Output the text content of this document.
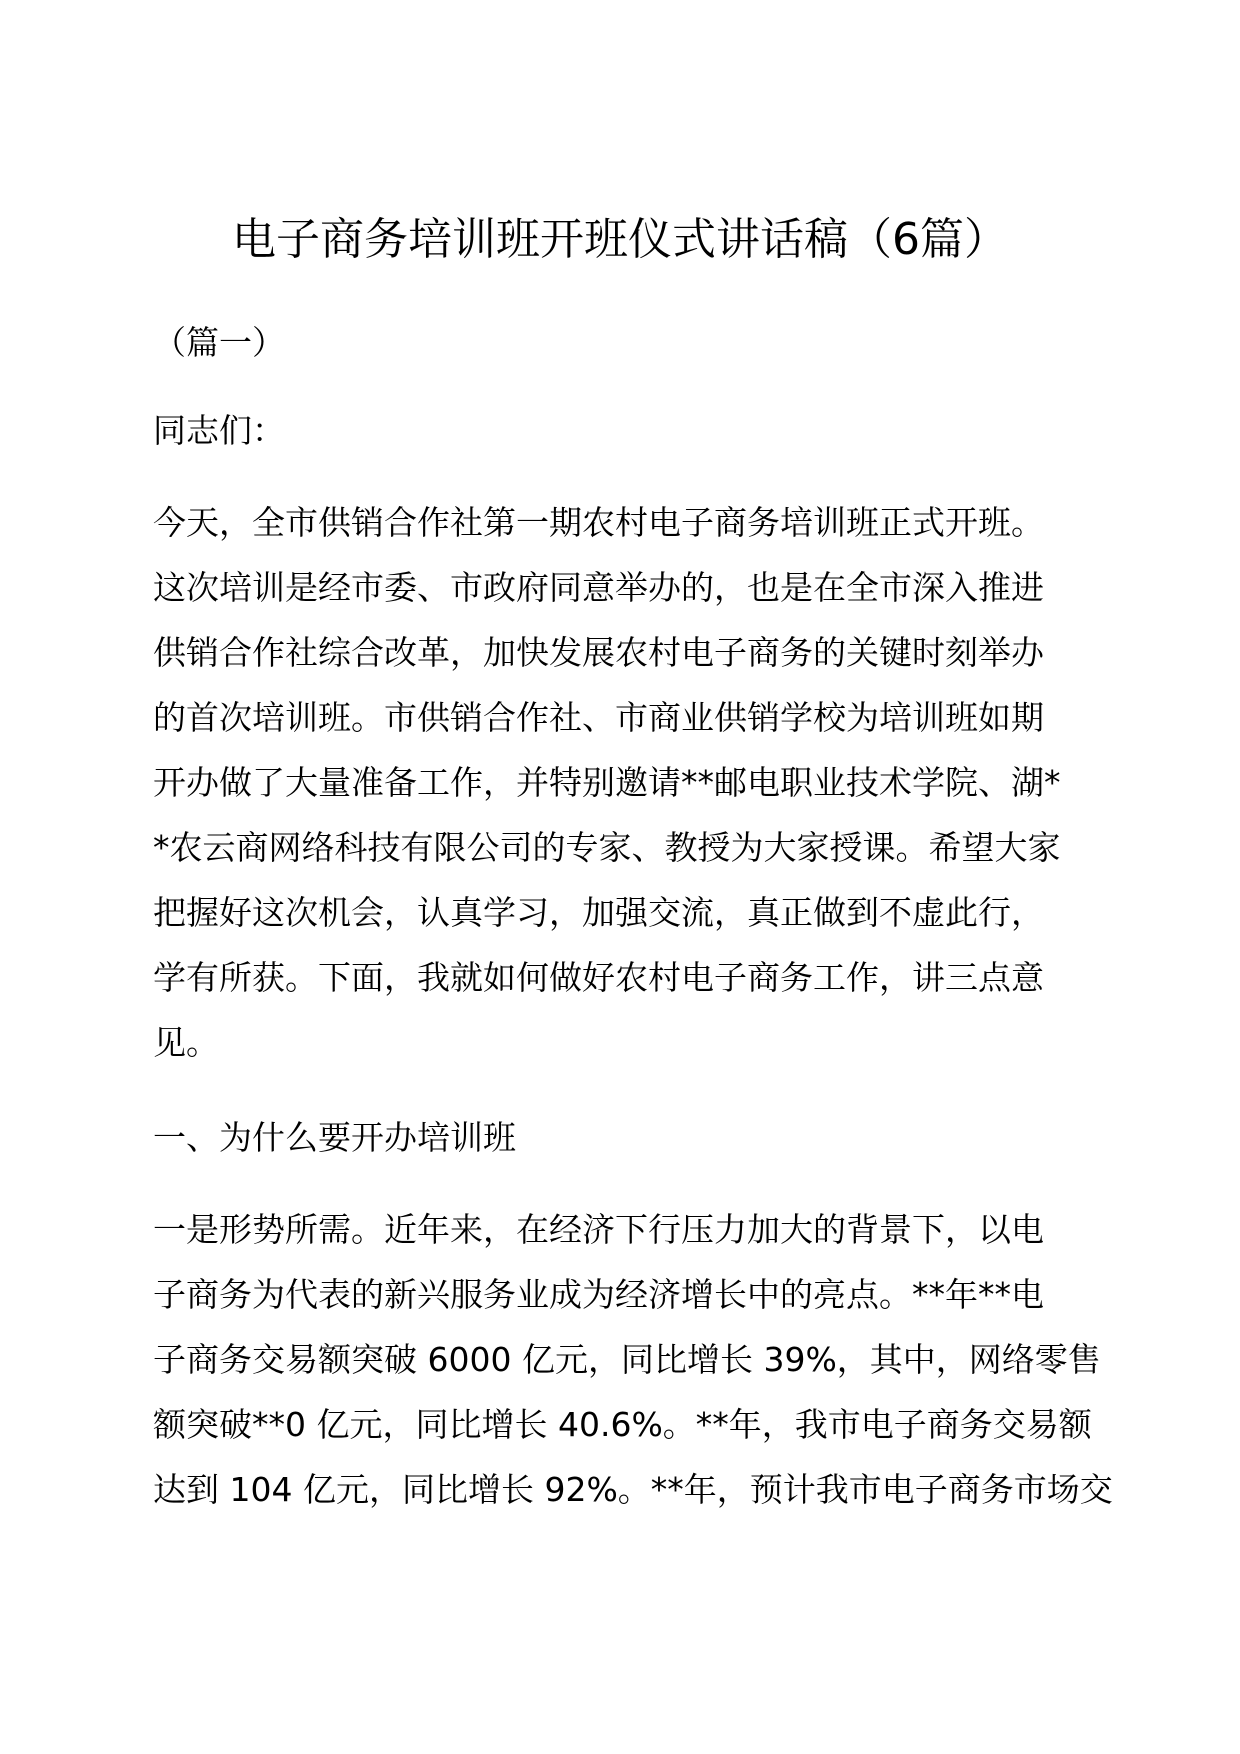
电子商务培训班开班仪式讲话稿（6篇）
（篇一）
同志们：
今天，全市供销合作社第一期农村电子商务培训班正式开班。
这次培训是经市委、市政府同意举办的，也是在全市深入推进
供销合作社综合改革，加快发展农村电子商务的关键时刻举办
的首次培训班。市供销合作社、市商业供销学校为培训班如期
开办做了大量准备工作，并特别邀请**邮电职业技术学院、湖*
*农云商网络科技有限公司的专家、教授为大家授课。希望大家
把握好这次机会，认真学习，加强交流，真正做到不虚此行，
学有所获。下面，我就如何做好农村电子商务工作，讲三点意
见。
一、为什么要开办培训班
一是形势所需。近年来，在经济下行压力加大的背景下，以电
子商务为代表的新兴服务业成为经济增长中的亮点。**年**电
子商务交易额突破 6000 亿元，同比增长 39%，其中，网络零售
额突破**0 亿元，同比增长 40.6%。**年，我市电子商务交易额
达到 104 亿元，同比增长 92%。**年，预计我市电子商务市场交
